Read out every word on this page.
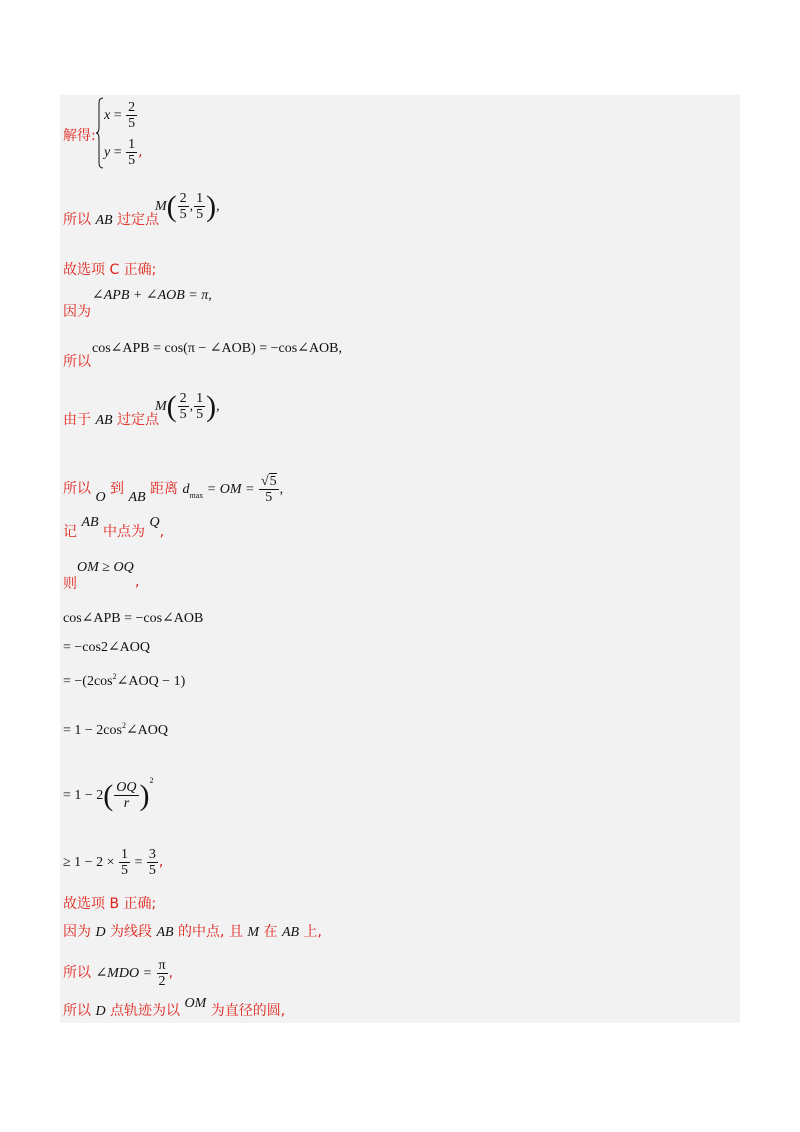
解得:
$x = \frac{2}{5}$
$y = \frac{1}{5}$ ,
所以 AB 过定点
$M( \frac{2}{5}$ , $\frac{1}{5}$ ),
故选项 C 正确;
∠APB + ∠AOB = π,
因为
cos∠APB = cos(π − ∠AOB) = −cos∠AOB,
所以
由于 AB 过定点
$M( \frac{2}{5}$ , $\frac{1}{5}$ ),
所以 O 到 AB 距离 $d_{max}$ = OM = $\frac{√5}{5}$ ,
记 AB 中点为 Q,
OM ≥ OQ
则	,
cos∠APB = −cos∠AOB
= −cos2∠AOQ
= $-(2\cos^2\angle AOQ - 1)$
= $1 - 2\cos^2\angle AOQ$
= $1 - 2( \frac{OQ}{r} )^2$
≥ $1 - 2 \times \frac{1}{5} = \frac{3}{5}$ ,
故选项 B 正确;
因为 D 为线段 AB 的中点, 且 M 在 AB 上,
所以 ∠MDO = $\frac{\pi}{2}$ ,
所以 D 点轨迹为以 OM 为直径的圆,
